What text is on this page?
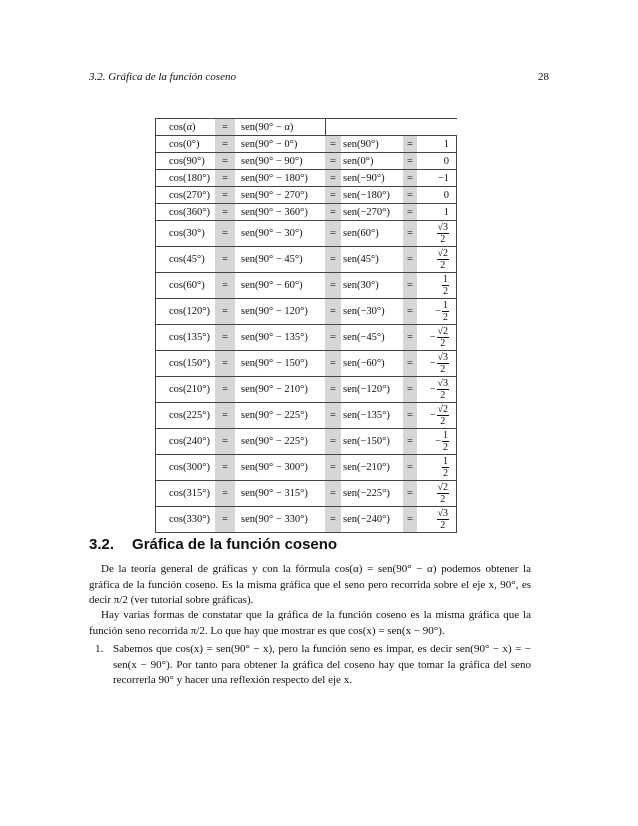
3.2. Gráfica de la función coseno	28
cos(α)	=	sen(90° − α)
cos(0°)	=	sen(90° − 0°)	= sen(90°)	=	1
cos(90°)	=	sen(90° − 90°)	= sen(0°)	=	0
cos(180°)	=	sen(90° − 180°)	= sen(−90°)	=	−1
cos(270°)	=	sen(90° − 270°)	= sen(−180°)	=	0
cos(360°)	=	sen(90° − 360°)	= sen(−270°)	=	1
cos(30°)	=	sen(90° − 30°)	= sen(60°)	=	$\frac{√3}{2}$
cos(45°)	=	sen(90° − 45°)	= sen(45°)	=	$\frac{√2}{2}$
cos(60°)	=	sen(90° − 60°)	= sen(30°)	=	$\frac{1}{2}$
cos(120°)	=	sen(90° − 120°)	= sen(−30°)	=	− $\frac{1}{2}$
cos(135°)	=	sen(90° − 135°)	= sen(−45°)	=	− $\frac{√2}{2}$
cos(150°)	=	sen(90° − 150°)	= sen(−60°)	=	− $\frac{√3}{2}$
cos(210°)	=	sen(90° − 210°)	= sen(−120°)	=	− $\frac{√3}{2}$
cos(225°)	=	sen(90° − 225°)	= sen(−135°)	=	− $\frac{√2}{2}$
cos(240°)	=	sen(90° − 225°)	= sen(−150°)	=	− $\frac{1}{2}$
cos(300°)	=	sen(90° − 300°)	= sen(−210°)	=	$\frac{1}{2}$
cos(315°)	=	sen(90° − 315°)	= sen(−225°)	=	$\frac{√2}{2}$
cos(330°)	=	sen(90° − 330°)	= sen(−240°)	=	$\frac{√3}{2}$
3.2. Gráfica de la función coseno
De la teoría general de gráficas y con la fórmula cos(α) = sen(90° − α) podemos obtener la gráfica de la función coseno. Es la misma gráfica que el seno pero recorrida sobre el eje x, 90°, es decir π/2 (ver tutorial sobre gráficas).
Hay varias formas de constatar que la gráfica de la función coseno es la misma gráfica que la función seno recorrida π/2. Lo que hay que mostrar es que cos(x) = sen(x − 90°).
1. Sabemos que cos(x) = sen(90° − x), pero la función seno es impar, es decir sen(90° − x) = − sen(x − 90°). Por tanto para obtener la gráfica del coseno hay que tomar la gráfica del seno recorrerla 90° y hacer una reflexión respecto del eje x.
